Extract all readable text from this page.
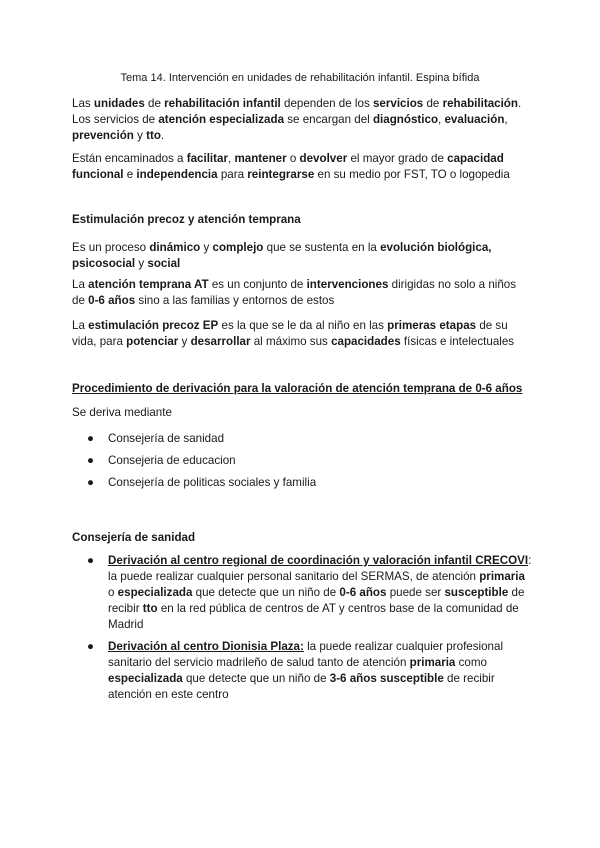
Tema 14. Intervención en unidades de rehabilitación infantil. Espina bífida

Las unidades de rehabilitación infantil dependen de los servicios de rehabilitación. Los servicios de atención especializada se encargan del diagnóstico, evaluación, prevención y tto.

Están encaminados a facilitar, mantener o devolver el mayor grado de capacidad funcional e independencia para reintegrarse en su medio por FST, TO o logopedia

Estimulación precoz y atención temprana

Es un proceso dinámico y complejo que se sustenta en la evolución biológica, psicosocial y social

La atención temprana AT es un conjunto de intervenciones dirigidas no solo a niños de 0-6 años sino a las familias y entornos de estos

La estimulación precoz EP es la que se le da al niño en las primeras etapas de su vida, para potenciar y desarrollar al máximo sus capacidades físicas e intelectuales

Procedimiento de derivación para la valoración de atención temprana de 0-6 años

Se deriva mediante

● Consejería de sanidad
● Consejeria de educacion
● Consejería de politicas sociales y familia
Consejería de sanidad
● Derivación al centro regional de coordinación y valoración infantil CRECOVI: la puede realizar cualquier personal sanitario del SERMAS, de atención primaria o especializada que detecte que un niño de 0-6 años puede ser susceptible de recibir tto en la red pública de centros de AT y centros base de la comunidad de Madrid
● Derivación al centro Dionisia Plaza: la puede realizar cualquier profesional sanitario del servicio madrileño de salud tanto de atención primaria como especializada que detecte que un niño de 3-6 años susceptible de recibir atención en este centro
